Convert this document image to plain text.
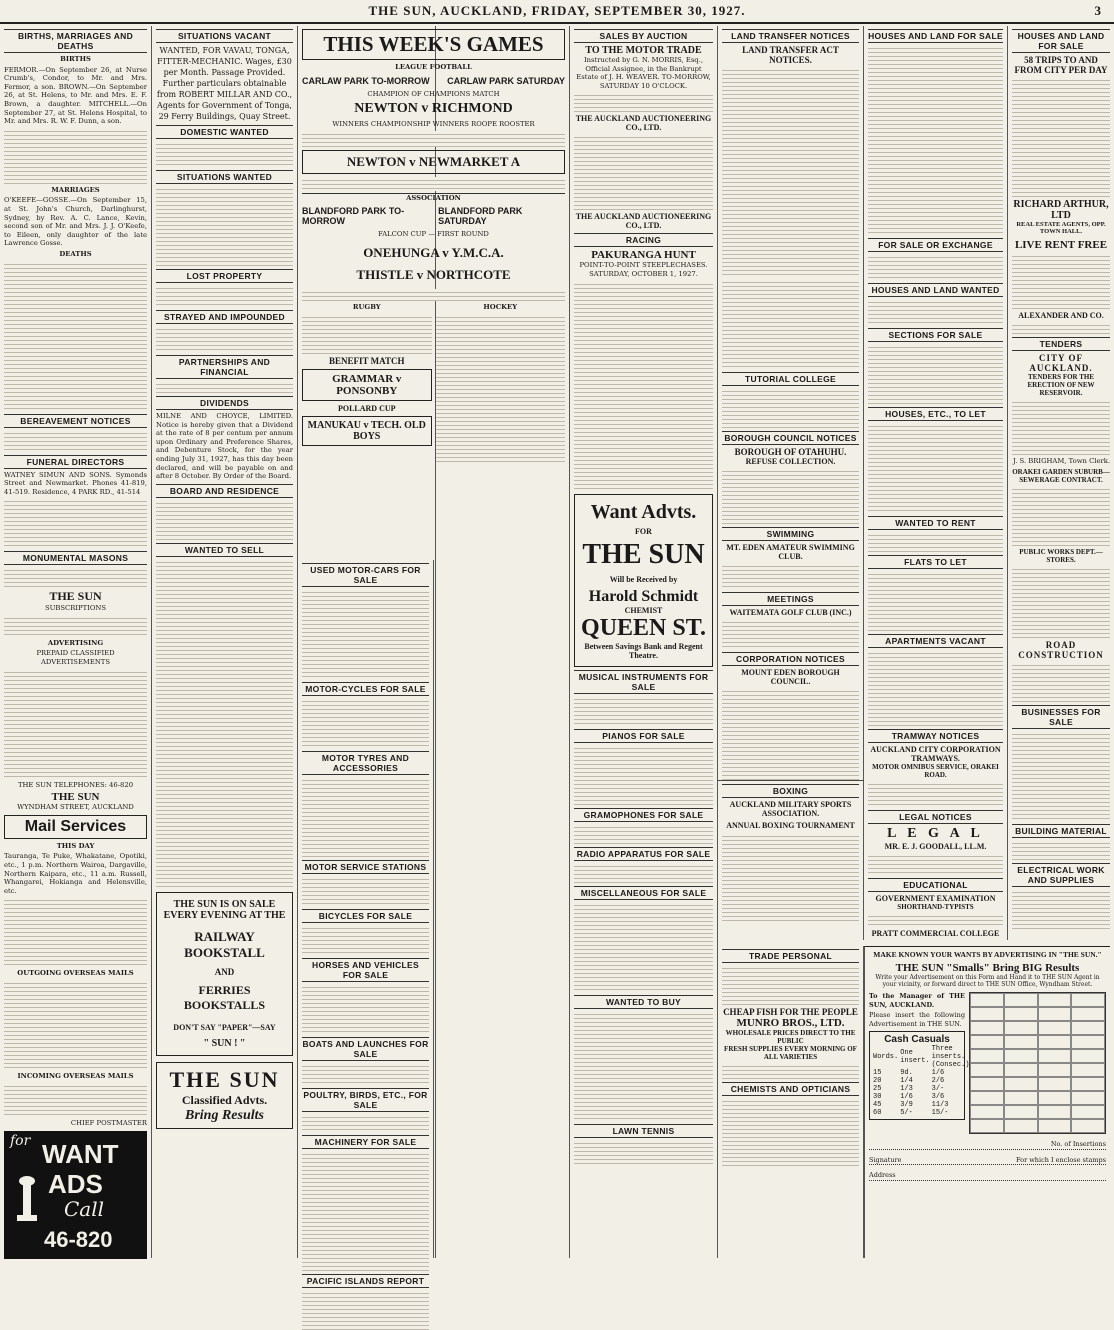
THE SUN, AUCKLAND, FRIDAY, SEPTEMBER 30, 1927.	3
BIRTHS, MARRIAGES AND DEATHS
BIRTHS

FERMOR.—On September 26, at Nurse Crumb's, Condor, to Mr. and Mrs. Fermor, a son. BROWN.—On September 26, at St. Helens, to Mr. and Mrs. E. F. Brown, a daughter. MITCHELL.—On September 27, at St. Helens Hospital, to Mr. and Mrs. R. W. F. Dunn, a son.

MARRIAGES

O'KEEFE—GOSSE.—On September 15, at St. John's Church, Darlinghurst, Sydney, by Rev. A. C. Lance, Kevin, second son of Mr. and Mrs. J. J. O'Keefe, to Eileen, only daughter of the late Lawrence Gosse.

DEATHS
BEREAVEMENT NOTICES
FUNERAL DIRECTORS

WATNEY SIMUN AND SONS. Symonds Street and Newmarket. Phones 41-819, 41-519. Residence, 4 PARK RD., 41-514

MONUMENTAL MASONS
THE SUN
SUBSCRIPTIONS
ADVERTISING
PREPAID CLASSIFIED ADVERTISEMENTS
THE SUN TELEPHONES: 46-820
THE SUN
WYNDHAM STREET, AUCKLAND
Mail Services
THIS DAY

Tauranga, Te Puke, Whakatane, Opotiki, etc., 1 p.m. Northern Wairoa, Dargaville, Northern Kaipara, etc., 11 a.m. Russell, Whangarei, Hokianga and Helensville, etc.

OUTGOING OVERSEAS MAILS
INCOMING OVERSEAS MAILS
CHIEF POSTMASTER
for WANT
ADS
Call
46-820
SITUATIONS VACANT

WANTED, FOR VAVAU, TONGA, FITTER-MECHANIC. Wages, £30 per Month. Passage Provided. Further particulars obtainable from ROBERT MILLAR AND CO., Agents for Government of Tonga, 29 Ferry Buildings, Quay Street.

DOMESTIC WANTED
SITUATIONS WANTED
LOST PROPERTY
STRAYED AND IMPOUNDED
PARTNERSHIPS AND FINANCIAL
DIVIDENDS

MILNE AND CHOYCE, LIMITED. Notice is hereby given that a Dividend at the rate of 8 per centum per annum upon Ordinary and Preference Shares, and Debenture Stock, for the year ending July 31, 1927, has this day been declared, and will be payable on and after 8 October. By Order of the Board.

BOARD AND RESIDENCE
WANTED TO SELL
THE SUN IS ON SALE EVERY EVENING AT THE
RAILWAY BOOKSTALL
AND
FERRIES BOOKSTALLS
DON'T SAY "PAPER"—SAY
" SUN ! "
THE SUN
Classified Advts.
Bring Results
THIS WEEK'S GAMES
LEAGUE FOOTBALL
CARLAW PARK TO-MORROW CARLAW PARK SATURDAY
CHAMPION OF CHAMPIONS MATCH
NEWTON v RICHMOND
WINNERS CHAMPIONSHIP WINNERS ROOPE ROOSTER
NEWTON v NEWMARKET A
ASSOCIATION
BLANDFORD PARK TO-MORROW
BLANDFORD PARK SATURDAY
FALCON CUP — FIRST ROUND
ONEHUNGA v Y.M.C.A.
THISTLE v NORTHCOTE
RUGBY
BENEFIT MATCH
GRAMMAR v PONSONBY
POLLARD CUP
MANUKAU v TECH. OLD BOYS
HOCKEY
USED MOTOR-CARS FOR SALE
MOTOR-CYCLES FOR SALE
MOTOR TYRES AND ACCESSORIES
MOTOR SERVICE STATIONS
BICYCLES FOR SALE
HORSES AND VEHICLES FOR SALE
BOATS AND LAUNCHES FOR SALE
POULTRY, BIRDS, ETC., FOR SALE
MACHINERY FOR SALE
PACIFIC ISLANDS REPORT
SALES BY AUCTION
TO THE MOTOR TRADE

Instructed by G. N. MORRIS, Esq., Official Assignee, in the Bankrupt Estate of J. H. WEAVER. TO-MORROW, SATURDAY 10 O'CLOCK.

THE AUCKLAND AUCTIONEERING CO., LTD.
THE AUCKLAND AUCTIONEERING CO., LTD.
RACING
PAKURANGA HUNT

POINT-TO-POINT STEEPLECHASES. SATURDAY, OCTOBER 1, 1927.

Want Advts.
FOR
THE SUN
Will be Received by
Harold Schmidt
CHEMIST
QUEEN ST.
Between Savings Bank and Regent Theatre.
MUSICAL INSTRUMENTS FOR SALE
PIANOS FOR SALE
GRAMOPHONES FOR SALE
RADIO APPARATUS FOR SALE
MISCELLANEOUS FOR SALE
WANTED TO BUY
LAWN TENNIS
LAND TRANSFER NOTICES
LAND TRANSFER ACT NOTICES.
TUTORIAL COLLEGE
BOROUGH COUNCIL NOTICES
BOROUGH OF OTAHUHU.
REFUSE COLLECTION.
SWIMMING
MT. EDEN AMATEUR SWIMMING CLUB.
MEETINGS
WAITEMATA GOLF CLUB (INC.)
CORPORATION NOTICES
MOUNT EDEN BOROUGH COUNCIL.
TRADE PERSONAL
CHEAP FISH FOR THE PEOPLE
MUNRO BROS., LTD.
WHOLESALE PRICES DIRECT TO THE PUBLIC
FRESH SUPPLIES EVERY MORNING OF ALL VARIETIES
CHEMISTS AND OPTICIANS
HOUSES AND LAND FOR SALE
FOR SALE OR EXCHANGE
HOUSES AND LAND WANTED
SECTIONS FOR SALE
HOUSES, ETC., TO LET
WANTED TO RENT
FLATS TO LET
APARTMENTS VACANT
TRAMWAY NOTICES
AUCKLAND CITY CORPORATION TRAMWAYS.
MOTOR OMNIBUS SERVICE, ORAKEI ROAD.
LEGAL NOTICES
L E G A L
MR. E. J. GOODALL, LL.M.
EDUCATIONAL
GOVERNMENT EXAMINATION
SHORTHAND-TYPISTS
PRATT COMMERCIAL COLLEGE
BOXING
AUCKLAND MILITARY SPORTS ASSOCIATION.
ANNUAL BOXING TOURNAMENT
HOUSES AND LAND FOR SALE
58 TRIPS TO AND FROM CITY PER DAY
RICHARD ARTHUR, LTD
REAL ESTATE AGENTS, OPP. TOWN HALL.
LIVE RENT FREE
ALEXANDER AND CO.
TENDERS
CITY OF AUCKLAND.
TENDERS FOR THE ERECTION OF NEW RESERVOIR.
J. S. BRIGHAM, Town Clerk.
ORAKEI GARDEN SUBURB—SEWERAGE CONTRACT.
PUBLIC WORKS DEPT.—STORES.
ROAD CONSTRUCTION
BUSINESSES FOR SALE
BUILDING MATERIAL
ELECTRICAL WORK AND SUPPLIES
MAKE KNOWN YOUR WANTS BY ADVERTISING IN "THE SUN."
THE SUN "Smalls" Bring BIG Results
Write your Advertisement on this Form and Hand it to THE SUN Agent in your vicinity, or forward direct to THE SUN Office, Wyndham Street.
To the Manager of THE SUN, AUCKLAND.
Please insert the following Advertisement in THE SUN.
Cash Casuals
Words.	One insert.	Three inserts. (Consec.)
15	9d.	1/6
20	1/4	2/6
25	1/3	3/-
30	1/6	3/6
45	3/9	11/3
60	5/-	15/-
No. of Insertions
Signature	For which I enclose stamps
Address
